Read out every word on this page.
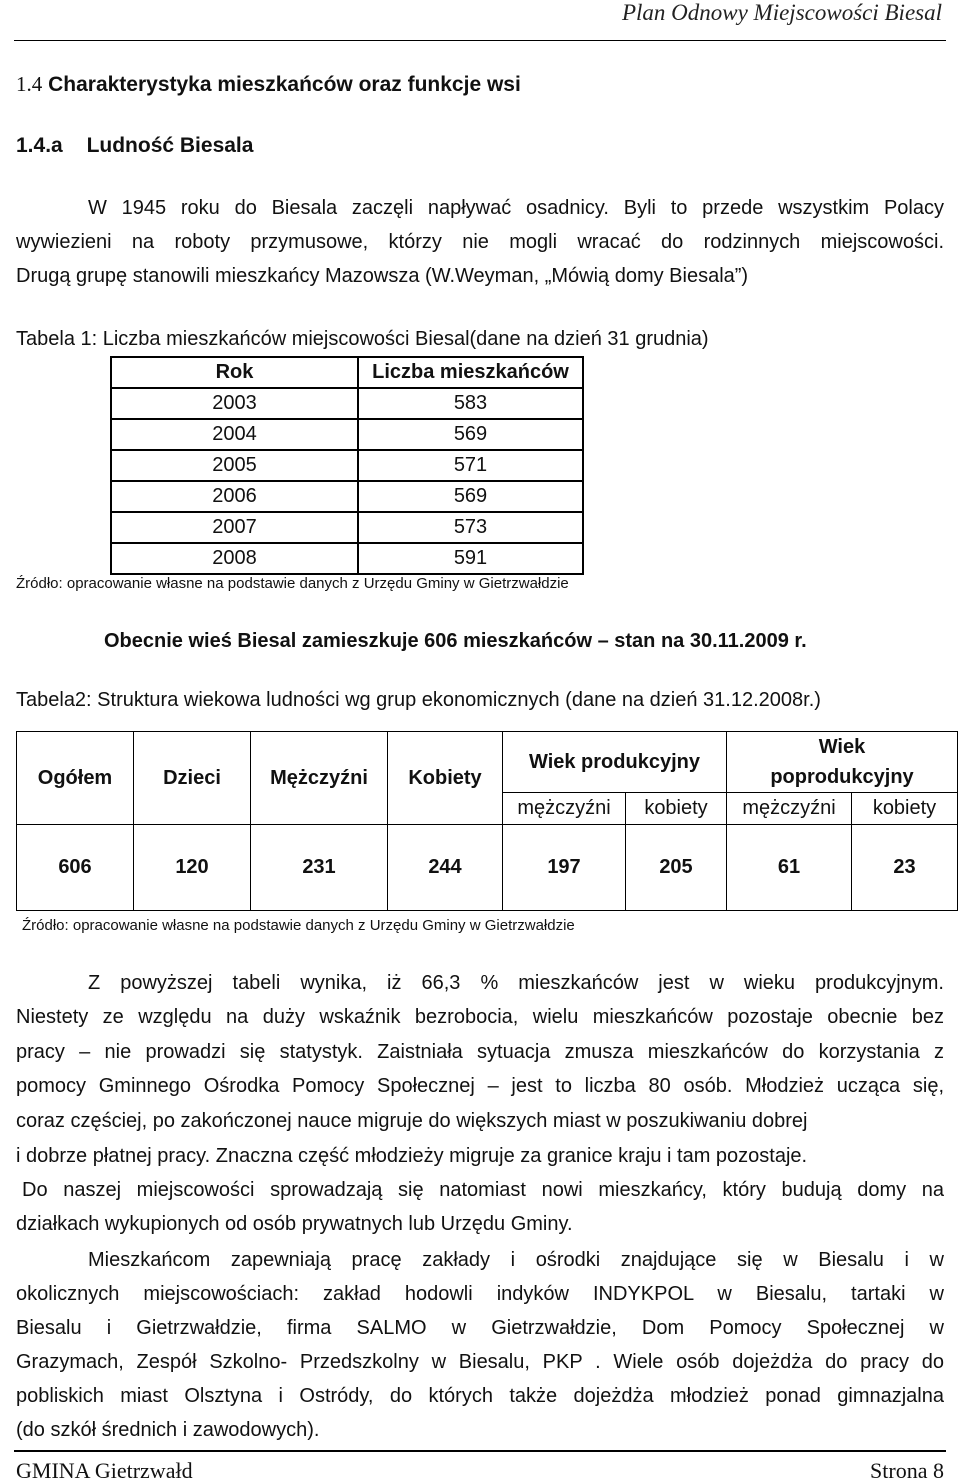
Plan Odnowy Miejscowości Biesal
1.4 Charakterystyka mieszkańców oraz funkcje wsi
1.4.a Ludność Biesala
W 1945 roku do Biesala zaczęli napływać osadnicy. Byli to przede wszystkim Polacy
wywiezieni na roboty przymusowe, którzy nie mogli wracać do rodzinnych miejscowości.
Drugą grupę stanowili mieszkańcy Mazowsza (W.Weyman, „Mówią domy Biesala”)
Tabela 1: Liczba mieszkańców miejscowości Biesal(dane na dzień 31 grudnia)
Rok	Liczba mieszkańców
2003	583
2004	569
2005	571
2006	569
2007	573
2008	591
Źródło: opracowanie własne na podstawie danych z Urzędu Gminy w Gietrzwałdzie
Obecnie wieś Biesal zamieszkuje 606 mieszkańców – stan na 30.11.2009 r.
Tabela2: Struktura wiekowa ludności wg grup ekonomicznych (dane na dzień 31.12.2008r.)
Ogółem	Dzieci	Mężczyźni	Kobiety	Wiek produkcyjny		Wiek poprodukcyjny	
				mężczyźni	kobiety	mężczyźni	kobiety
606	120	231	244	197	205	61	23
Źródło: opracowanie własne na podstawie danych z Urzędu Gminy w Gietrzwałdzie
Z powyższej tabeli wynika, iż 66,3 % mieszkańców jest w wieku produkcyjnym.
Niestety ze względu na duży wskaźnik bezrobocia, wielu mieszkańców pozostaje obecnie bez
pracy – nie prowadzi się statystyk. Zaistniała sytuacja zmusza mieszkańców do korzystania z
pomocy Gminnego Ośrodka Pomocy Społecznej – jest to liczba 80 osób. Młodzież ucząca się,
coraz częściej, po zakończonej nauce migruje do większych miast w poszukiwaniu dobrej
i dobrze płatnej pracy. Znaczna część młodzieży migruje za granice kraju i tam pozostaje.
Do naszej miejscowości sprowadzają się natomiast nowi mieszkańcy, który budują domy na
działkach wykupionych od osób prywatnych lub Urzędu Gminy.
Mieszkańcom zapewniają pracę zakłady i ośrodki znajdujące się w Biesalu i w
okolicznych miejscowościach: zakład hodowli indyków INDYKPOL w Biesalu, tartaki w
Biesalu i Gietrzwałdzie, firma SALMO w Gietrzwałdzie, Dom Pomocy Społecznej w
Grazymach, Zespół Szkolno- Przedszkolny w Biesalu, PKP . Wiele osób dojeżdża do pracy do
pobliskich miast Olsztyna i Ostródy, do których także dojeżdża młodzież ponad gimnazjalna
(do szkół średnich i zawodowych).
GMINA Gietrzwałd	Strona 8
